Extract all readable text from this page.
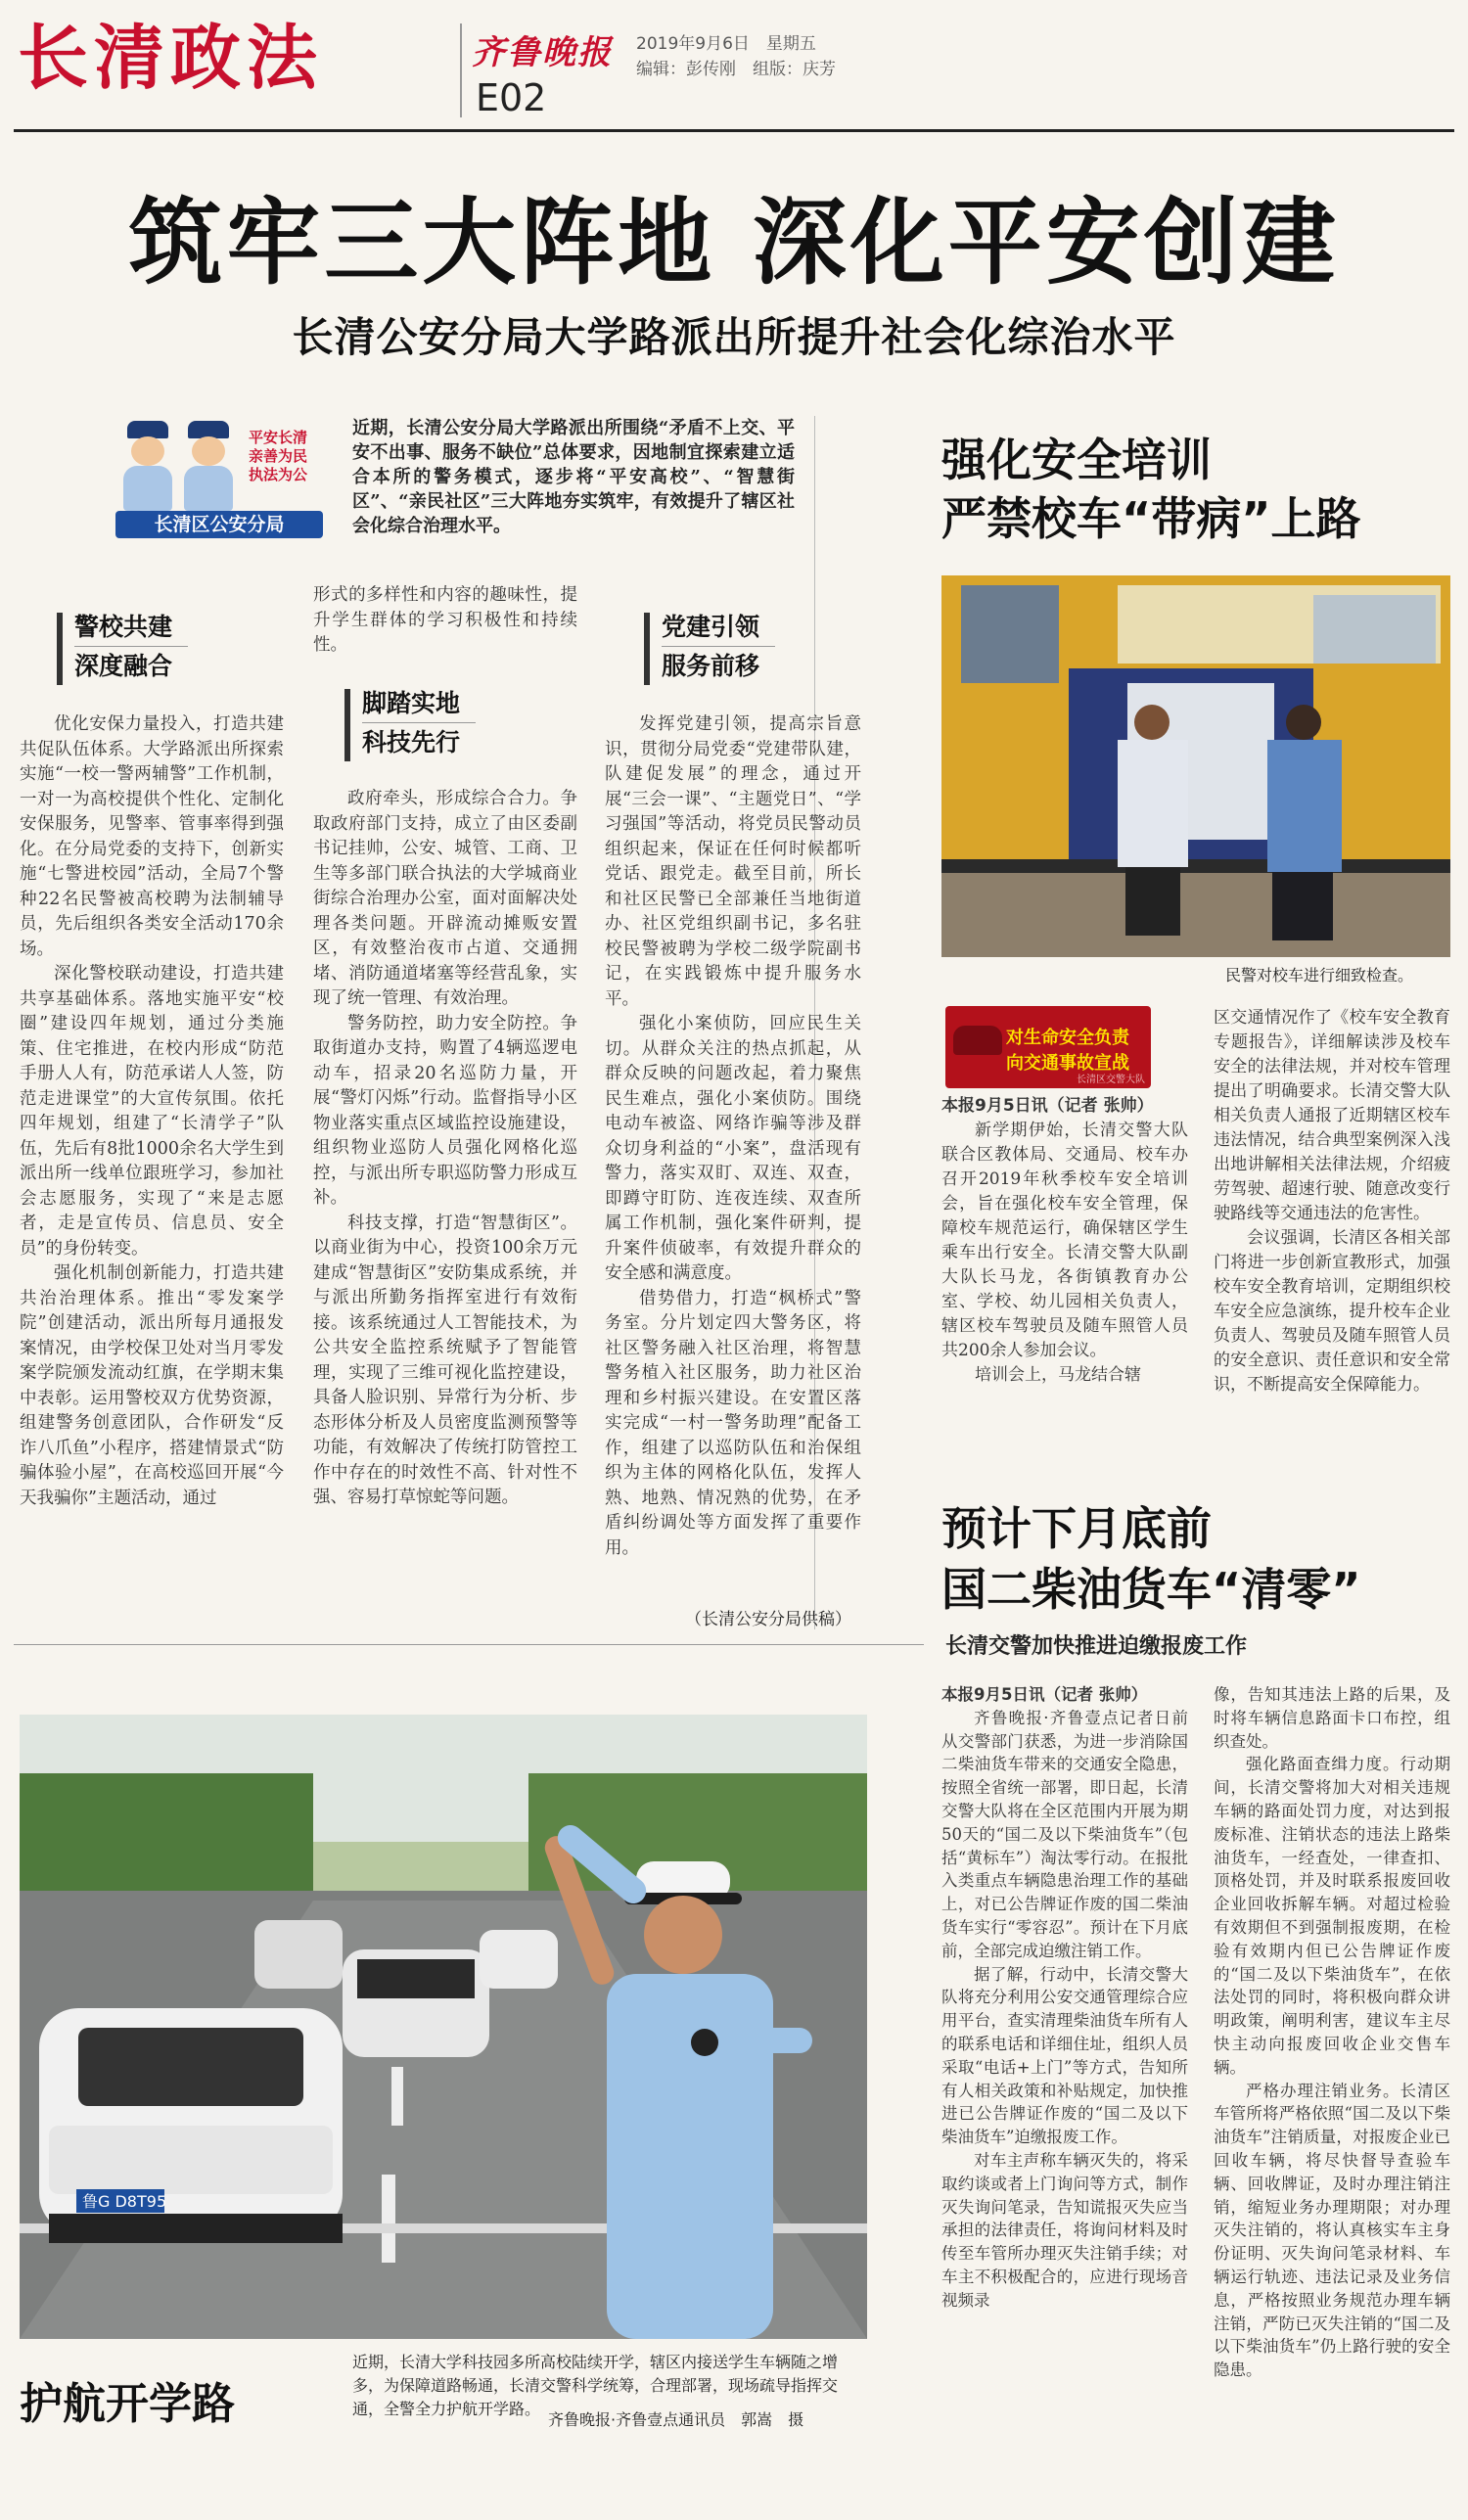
长清政法	齐鲁晚报
E02
2019年9月6日　星期五
编辑：彭传刚　组版：庆芳
筑牢三大阵地 深化平安创建
长清公安分局大学路派出所提升社会化综治水平
平安长清
亲善为民
执法为公
长清区公安分局
近期，长清公安分局大学路派出所围绕“矛盾不上交、平安不出事、服务不缺位”总体要求，因地制宜探索建立适合本所的警务模式，逐步将“平安高校”、“智慧街区”、“亲民社区”三大阵地夯实筑牢，有效提升了辖区社会化综合治理水平。
警校共建
深度融合

优化安保力量投入，打造共建共促队伍体系。大学路派出所探索实施“一校一警两辅警”工作机制，一对一为高校提供个性化、定制化安保服务，见警率、管事率得到强化。在分局党委的支持下，创新实施“七警进校园”活动，全局7个警种22名民警被高校聘为法制辅导员，先后组织各类安全活动170余场。

深化警校联动建设，打造共建共享基础体系。落地实施平安“校圈”建设四年规划，通过分类施策、住宅推进，在校内形成“防范手册人人有，防范承诺人人签，防范走进课堂”的大宣传氛围。依托四年规划，组建了“长清学子”队伍，先后有8批1000余名大学生到派出所一线单位跟班学习，参加社会志愿服务，实现了“来是志愿者，走是宣传员、信息员、安全员”的身份转变。

强化机制创新能力，打造共建共治治理体系。推出“零发案学院”创建活动，派出所每月通报发案情况，由学校保卫处对当月零发案学院颁发流动红旗，在学期末集中表彰。运用警校双方优势资源，组建警务创意团队，合作研发“反诈八爪鱼”小程序，搭建情景式“防骗体验小屋”，在高校巡回开展“今天我骗你”主题活动，通过

形式的多样性和内容的趣味性，提升学生群体的学习积极性和持续性。
脚踏实地
科技先行

政府牵头，形成综合合力。争取政府部门支持，成立了由区委副书记挂帅，公安、城管、工商、卫生等多部门联合执法的大学城商业街综合治理办公室，面对面解决处理各类问题。开辟流动摊贩安置区，有效整治夜市占道、交通拥堵、消防通道堵塞等经营乱象，实现了统一管理、有效治理。

警务防控，助力安全防控。争取街道办支持，购置了4辆巡逻电动车，招录20名巡防力量，开展“警灯闪烁”行动。监督指导小区物业落实重点区域监控设施建设，组织物业巡防人员强化网格化巡控，与派出所专职巡防警力形成互补。

科技支撑，打造“智慧街区”。以商业街为中心，投资100余万元建成“智慧街区”安防集成系统，并与派出所勤务指挥室进行有效衔接。该系统通过人工智能技术，为公共安全监控系统赋予了智能管理，实现了三维可视化监控建设，具备人脸识别、异常行为分析、步态形体分析及人员密度监测预警等功能，有效解决了传统打防管控工作中存在的时效性不高、针对性不强、容易打草惊蛇等问题。

党建引领
服务前移

发挥党建引领，提高宗旨意识，贯彻分局党委“党建带队建，队建促发展”的理念，通过开展“三会一课”、“主题党日”、“学习强国”等活动，将党员民警动员组织起来，保证在任何时候都听党话、跟党走。截至目前，所长和社区民警已全部兼任当地街道办、社区党组织副书记，多名驻校民警被聘为学校二级学院副书记，在实践锻炼中提升服务水平。

强化小案侦防，回应民生关切。从群众关注的热点抓起，从群众反映的问题改起，着力聚焦民生难点，强化小案侦防。围绕电动车被盗、网络诈骗等涉及群众切身利益的“小案”，盘活现有警力，落实双盯、双连、双查，即蹲守盯防、连夜连续、双查所属工作机制，强化案件研判，提升案件侦破率，有效提升群众的安全感和满意度。

借势借力，打造“枫桥式”警务室。分片划定四大警务区，将社区警务融入社区治理，将智慧警务植入社区服务，助力社区治理和乡村振兴建设。在安置区落实完成“一村一警务助理”配备工作，组建了以巡防队伍和治保组织为主体的网格化队伍，发挥人熟、地熟、情况熟的优势，在矛盾纠纷调处等方面发挥了重要作用。

（长清公安分局供稿）
强化安全培训
严禁校车“带病”上路
民警对校车进行细致检查。
对生命安全负责
向交通事故宣战
长清区交警大队
本报9月5日讯（记者 张帅）

新学期伊始，长清交警大队联合区教体局、交通局、校车办召开2019年秋季校车安全培训会，旨在强化校车安全管理，保障校车规范运行，确保辖区学生乘车出行安全。长清交警大队副大队长马龙，各街镇教育办公室、学校、幼儿园相关负责人，辖区校车驾驶员及随车照管人员共200余人参加会议。

培训会上，马龙结合辖

区交通情况作了《校车安全教育专题报告》，详细解读涉及校车安全的法律法规，并对校车管理提出了明确要求。长清交警大队相关负责人通报了近期辖区校车违法情况，结合典型案例深入浅出地讲解相关法律法规，介绍疲劳驾驶、超速行驶、随意改变行驶路线等交通违法的危害性。

会议强调，长清区各相关部门将进一步创新宣教形式，加强校车安全教育培训，定期组织校车安全应急演练，提升校车企业负责人、驾驶员及随车照管人员的安全意识、责任意识和安全常识，不断提高安全保障能力。

预计下月底前
国二柴油货车“清零”
长清交警加快推进迫缴报废工作
本报9月5日讯（记者 张帅）

齐鲁晚报·齐鲁壹点记者日前从交警部门获悉，为进一步消除国二柴油货车带来的交通安全隐患，按照全省统一部署，即日起，长清交警大队将在全区范围内开展为期50天的“国二及以下柴油货车”（包括“黄标车”）淘汰零行动。在报批入类重点车辆隐患治理工作的基础上，对已公告牌证作废的国二柴油货车实行“零容忍”。预计在下月底前，全部完成迫缴注销工作。

据了解，行动中，长清交警大队将充分利用公安交通管理综合应用平台，查实清理柴油货车所有人的联系电话和详细住址，组织人员采取“电话+上门”等方式，告知所有人相关政策和补贴规定，加快推进已公告牌证作废的“国二及以下柴油货车”迫缴报废工作。

对车主声称车辆灭失的，将采取约谈或者上门询问等方式，制作灭失询问笔录，告知谎报灭失应当承担的法律责任，将询问材料及时传至车管所办理灭失注销手续；对车主不积极配合的，应进行现场音视频录

像，告知其违法上路的后果，及时将车辆信息路面卡口布控，组织查处。

强化路面查缉力度。行动期间，长清交警将加大对相关违规车辆的路面处罚力度，对达到报废标准、注销状态的违法上路柴油货车，一经查处，一律查扣、顶格处罚，并及时联系报废回收企业回收拆解车辆。对超过检验有效期但不到强制报废期，在检验有效期内但已公告牌证作废的“国二及以下柴油货车”，在依法处罚的同时，将积极向群众讲明政策，阐明利害，建议车主尽快主动向报废回收企业交售车辆。

严格办理注销业务。长清区车管所将严格依照“国二及以下柴油货车”注销质量，对报废企业已回收车辆，将尽快督导查验车辆、回收牌证，及时办理注销注销，缩短业务办理期限；对办理灭失注销的，将认真核实车主身份证明、灭失询问笔录材料、车辆运行轨迹、违法记录及业务信息，严格按照业务规范办理车辆注销，严防已灭失注销的“国二及以下柴油货车”仍上路行驶的安全隐患。

鲁G D8T95
近期，长清大学科技园多所高校陆续开学，辖区内接送学生车辆随之增多，为保障道路畅通，长清交警科学统筹，合理部署，现场疏导指挥交通，全警全力护航开学路。
齐鲁晚报·齐鲁壹点通讯员　郭嵩　摄
护航开学路
